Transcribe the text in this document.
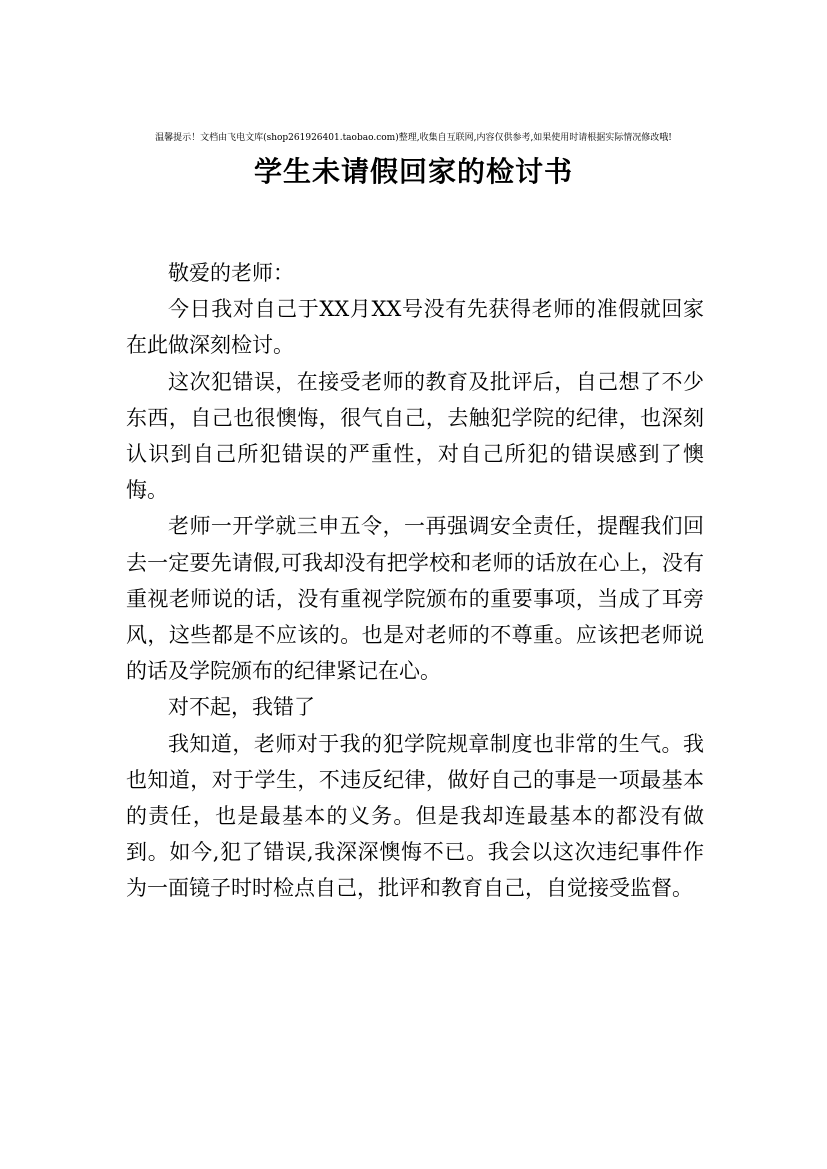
温馨提示！文档由飞电文库(shop261926401.taobao.com)整理,收集自互联网,内容仅供参考,如果使用时请根据实际情况修改哦!
学生未请假回家的检讨书

敬爱的老师：

今日我对自己于XX月XX号没有先获得老师的准假就回家在此做深刻检讨。

这次犯错误，在接受老师的教育及批评后，自己想了不少东西，自己也很懊悔，很气自己，去触犯学院的纪律，也深刻认识到自己所犯错误的严重性，对自己所犯的错误感到了懊悔。

老师一开学就三申五令，一再强调安全责任，提醒我们回去一定要先请假,可我却没有把学校和老师的话放在心上，没有重视老师说的话，没有重视学院颁布的重要事项，当成了耳旁风，这些都是不应该的。也是对老师的不尊重。应该把老师说的话及学院颁布的纪律紧记在心。

对不起，我错了

我知道，老师对于我的犯学院规章制度也非常的生气。我也知道，对于学生，不违反纪律，做好自己的事是一项最基本的责任，也是最基本的义务。但是我却连最基本的都没有做到。如今,犯了错误,我深深懊悔不已。我会以这次违纪事件作为一面镜子时时检点自己，批评和教育自己，自觉接受监督。
